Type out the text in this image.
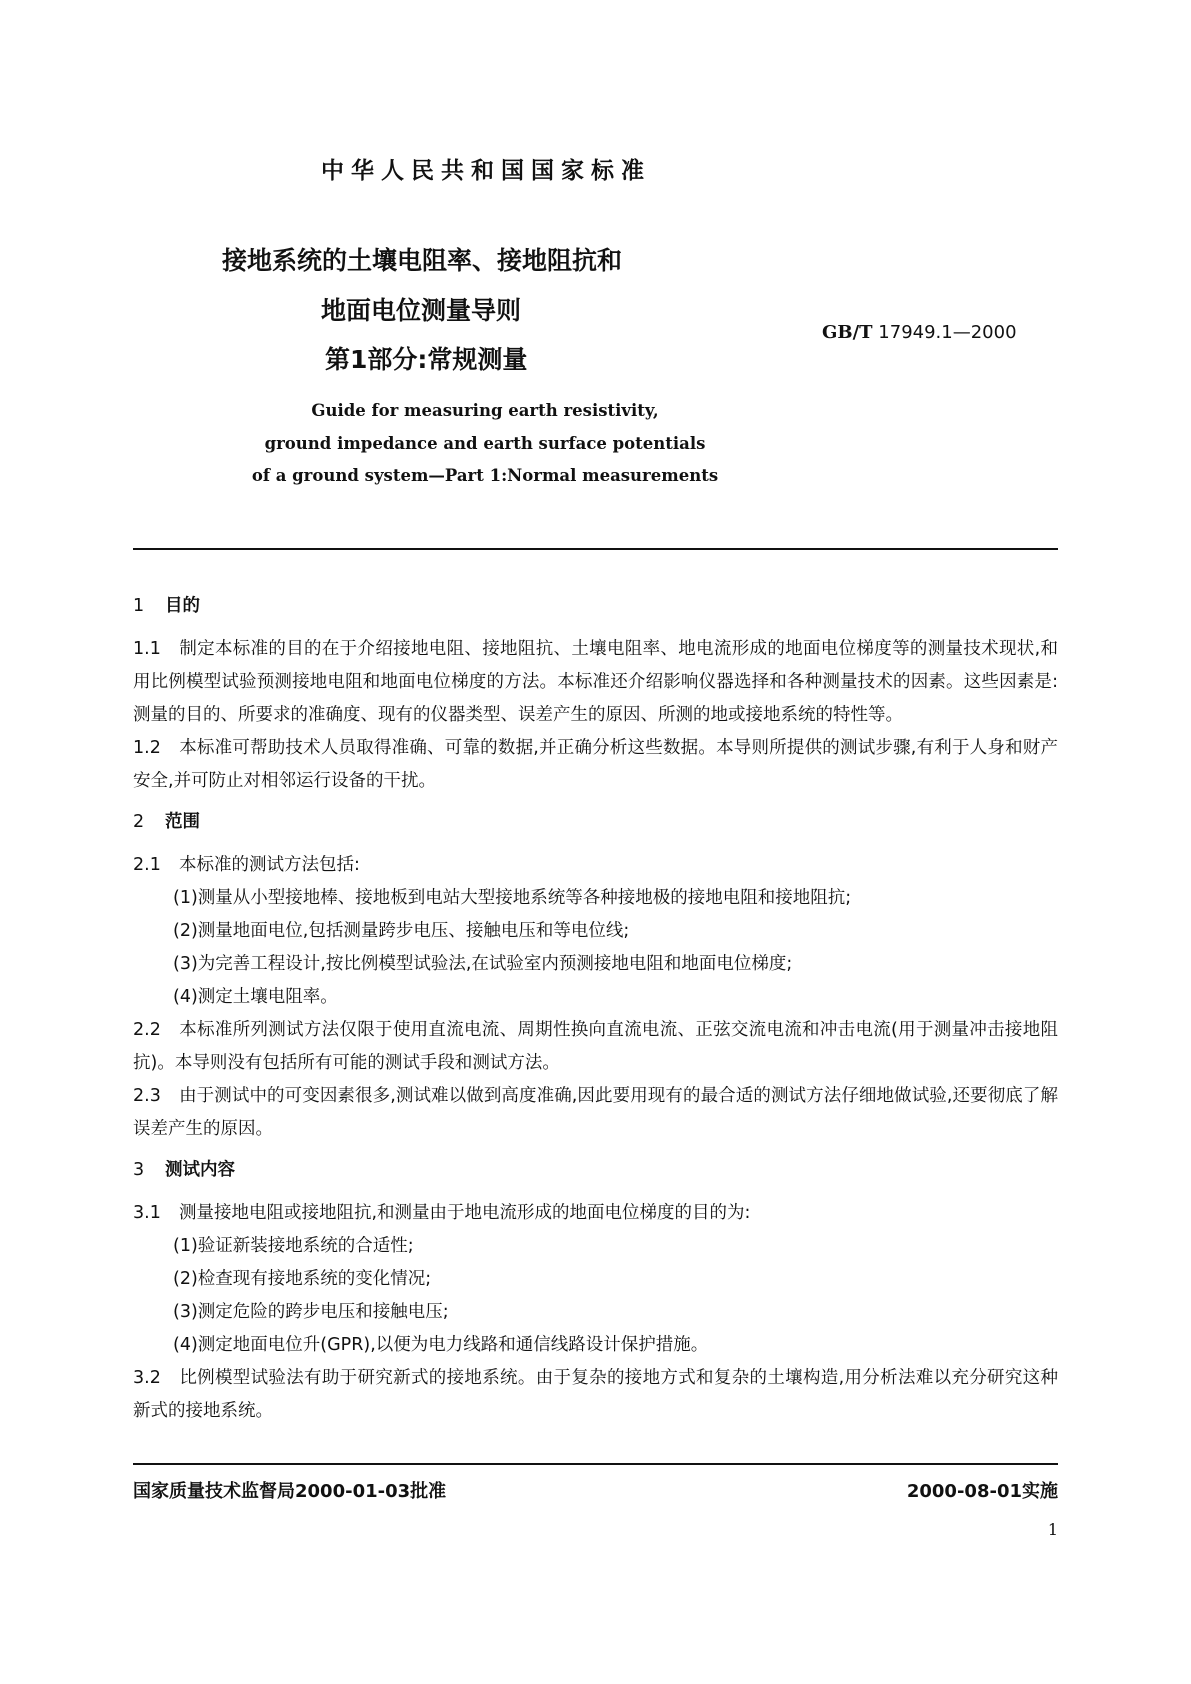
中华人民共和国国家标准
接地系统的土壤电阻率、接地阻抗和
地面电位测量导则
第1部分:常规测量
GB/T 17949.1—2000
Guide for measuring earth resistivity,
ground impedance and earth surface potentials
of a ground system—Part 1:Normal measurements
1 目的
1.1 制定本标准的目的在于介绍接地电阻、接地阻抗、土壤电阻率、地电流形成的地面电位梯度等的测量技术现状,和用比例模型试验预测接地电阻和地面电位梯度的方法。本标准还介绍影响仪器选择和各种测量技术的因素。这些因素是:测量的目的、所要求的准确度、现有的仪器类型、误差产生的原因、所测的地或接地系统的特性等。
1.2 本标准可帮助技术人员取得准确、可靠的数据,并正确分析这些数据。本导则所提供的测试步骤,有利于人身和财产安全,并可防止对相邻运行设备的干扰。
2 范围
2.1 本标准的测试方法包括:
(1)测量从小型接地棒、接地板到电站大型接地系统等各种接地极的接地电阻和接地阻抗;
(2)测量地面电位,包括测量跨步电压、接触电压和等电位线;
(3)为完善工程设计,按比例模型试验法,在试验室内预测接地电阻和地面电位梯度;
(4)测定土壤电阻率。
2.2 本标准所列测试方法仅限于使用直流电流、周期性换向直流电流、正弦交流电流和冲击电流(用于测量冲击接地阻抗)。本导则没有包括所有可能的测试手段和测试方法。
2.3 由于测试中的可变因素很多,测试难以做到高度准确,因此要用现有的最合适的测试方法仔细地做试验,还要彻底了解误差产生的原因。
3 测试内容
3.1 测量接地电阻或接地阻抗,和测量由于地电流形成的地面电位梯度的目的为:
(1)验证新装接地系统的合适性;
(2)检查现有接地系统的变化情况;
(3)测定危险的跨步电压和接触电压;
(4)测定地面电位升(GPR),以便为电力线路和通信线路设计保护措施。
3.2 比例模型试验法有助于研究新式的接地系统。由于复杂的接地方式和复杂的土壤构造,用分析法难以充分研究这种新式的接地系统。
国家质量技术监督局2000-01-03批准	2000-08-01实施
1
